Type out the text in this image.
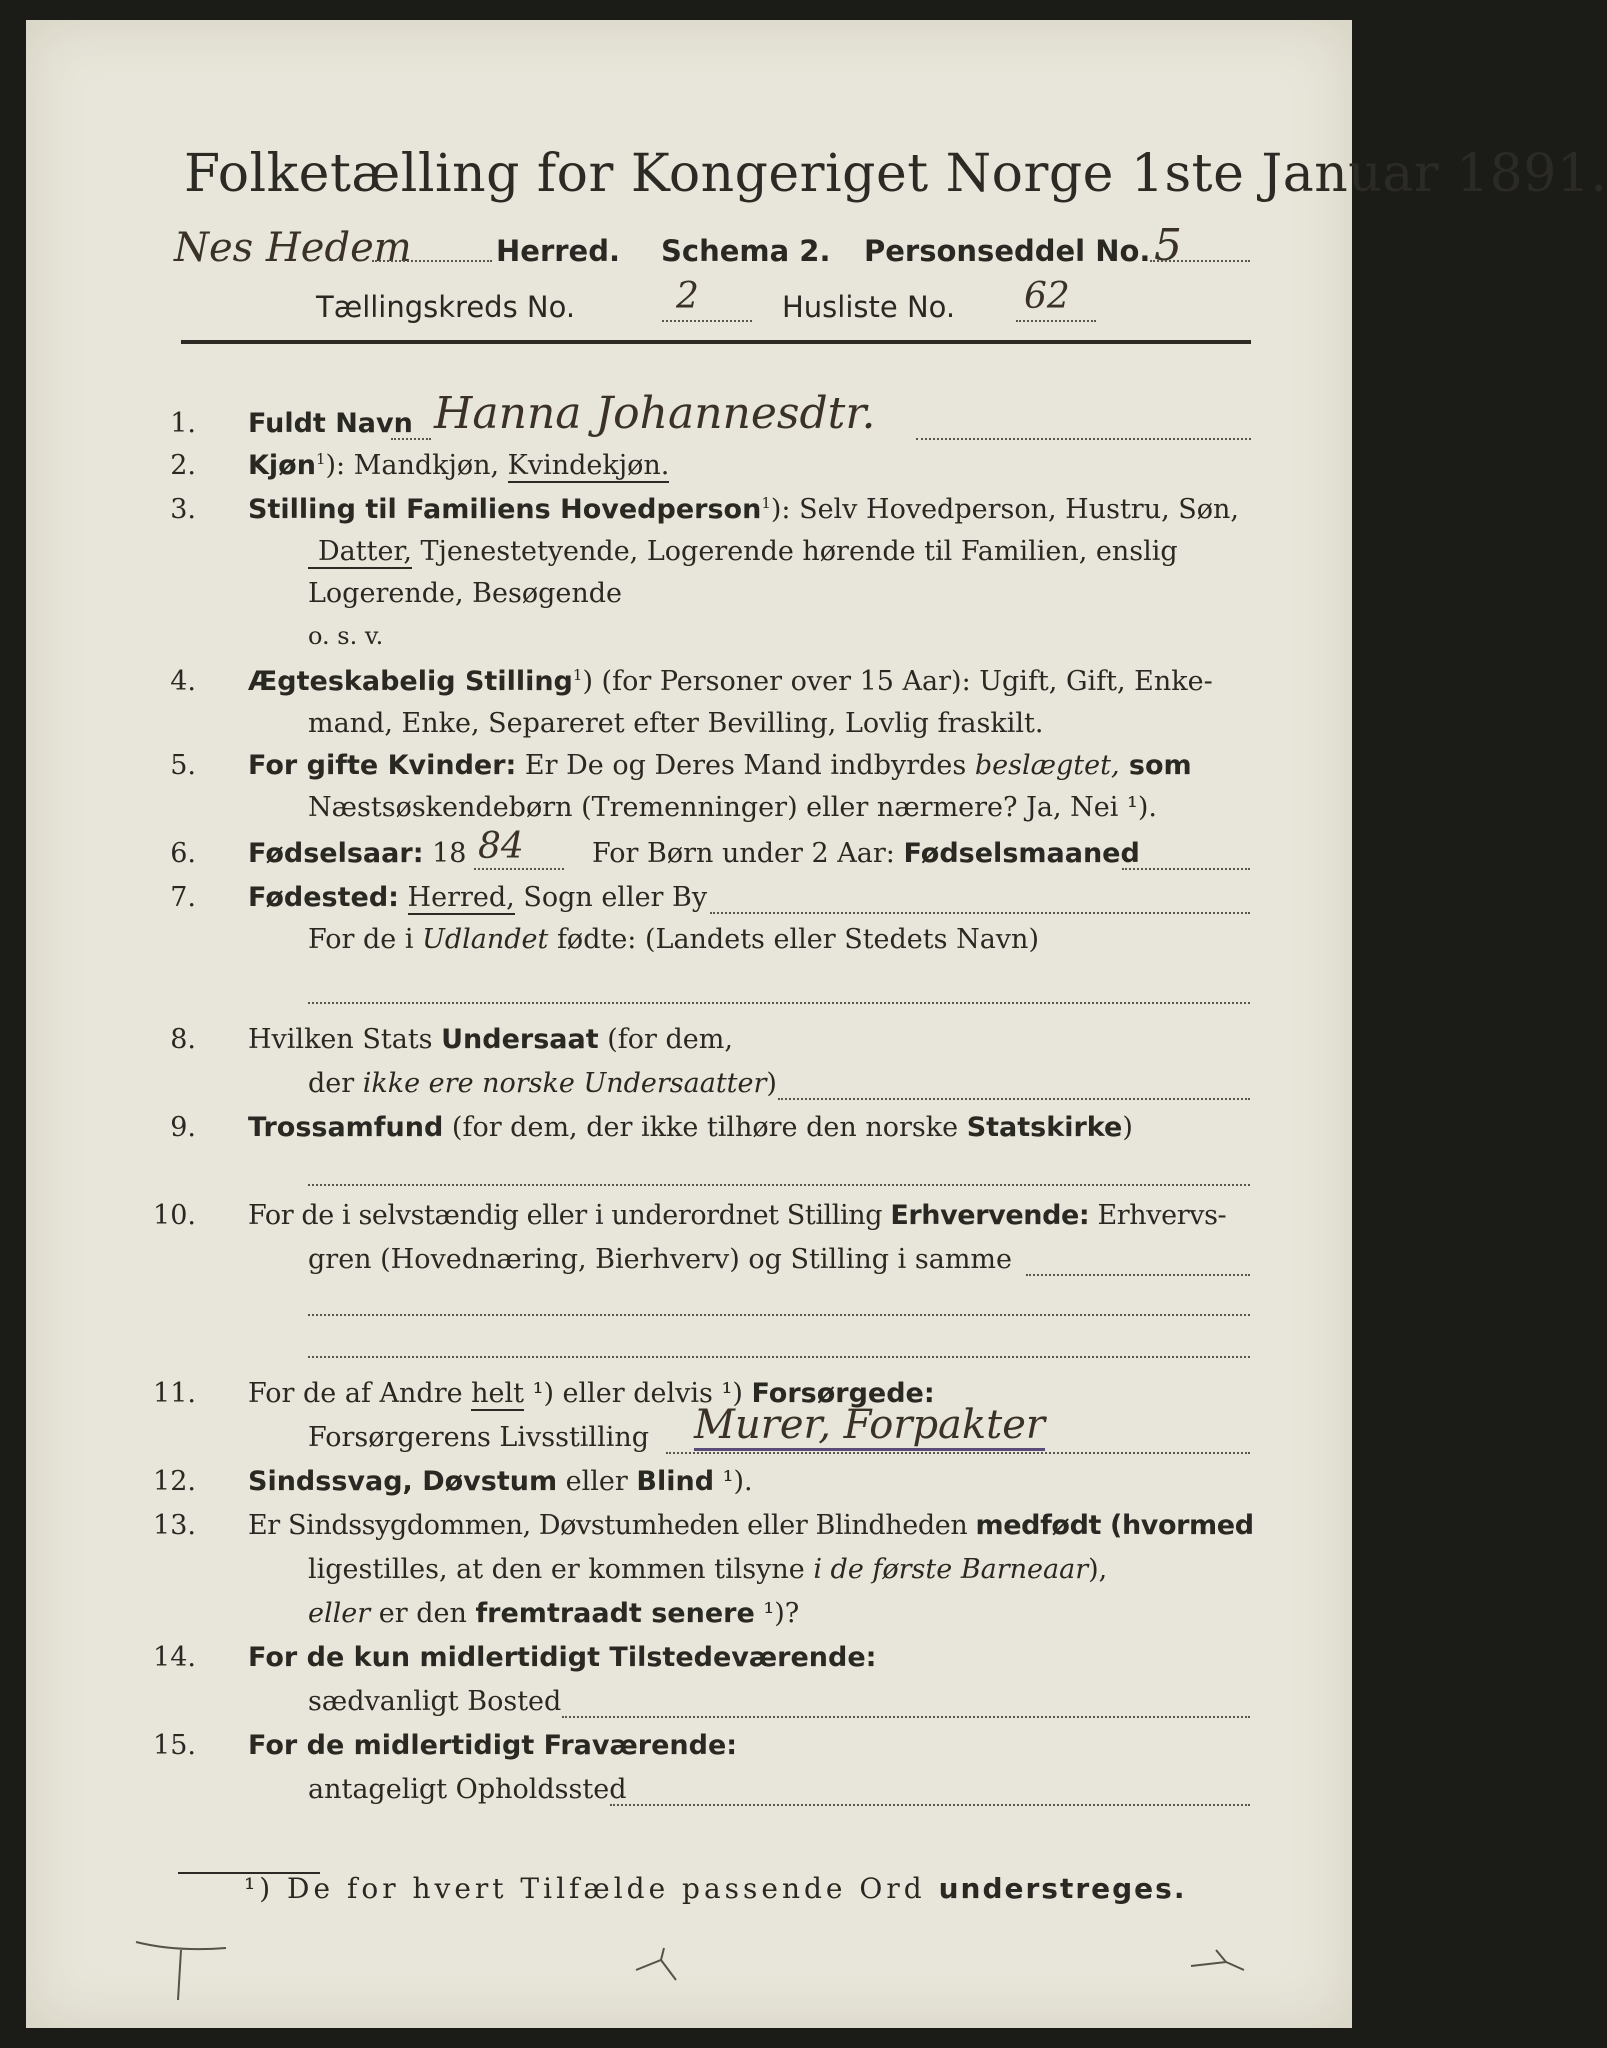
Folketælling for Kongeriget Norge 1ste Januar 1891.
Nes Hedem	Herred. Schema 2. Personseddel No. 5
Tællingskreds No.	2	Husliste No. 62
1. Fuldt Navn Hanna Johannesdtr.
2. Kjøn$^1$): Mandkjøn, Kvindekjøn.
3. Stilling til Familiens Hovedperson$^1$): Selv Hovedperson, Hustru, Søn,
Datter, Tjenestetyende, Logerende hørende til Familien, enslig
Logerende, Besøgende
o. s. v.
4. Ægteskabelig Stilling$^1$) (for Personer over 15 Aar): Ugift, Gift, Enke-
mand, Enke, Separeret efter Bevilling, Lovlig fraskilt.
5. For gifte Kvinder: Er De og Deres Mand indbyrdes beslægtet, som
Næstsøskendebørn (Tremenninger) eller nærmere? Ja, Nei ¹).
6. Fødselsaar: 18 84	For Børn under 2 Aar: Fødselsmaaned
7. Fødested: Herred, Sogn eller By
For de i Udlandet fødte: (Landets eller Stedets Navn)
8. Hvilken Stats Undersaat (for dem,
der ikke ere norske Undersaatter)
9. Trossamfund (for dem, der ikke tilhøre den norske Statskirke)
10. For de i selvstændig eller i underordnet Stilling Erhvervende: Erhvervs-
gren (Hovednæring, Bierhverv) og Stilling i samme
11. For de af Andre helt ¹) eller delvis ¹) Forsørgede:
Forsørgerens Livsstilling Murer, Forpakter
12. Sindssvag, Døvstum eller Blind ¹).
13. Er Sindssygdommen, Døvstumheden eller Blindheden medfødt (hvormed
ligestilles, at den er kommen tilsyne i de første Barneaar),
eller er den fremtraadt senere ¹)?
14. For de kun midlertidigt Tilstedeværende:
sædvanligt Bosted
15. For de midlertidigt Fraværende:
antageligt Opholdssted
¹) De for hvert Tilfælde passende Ord understreges.
